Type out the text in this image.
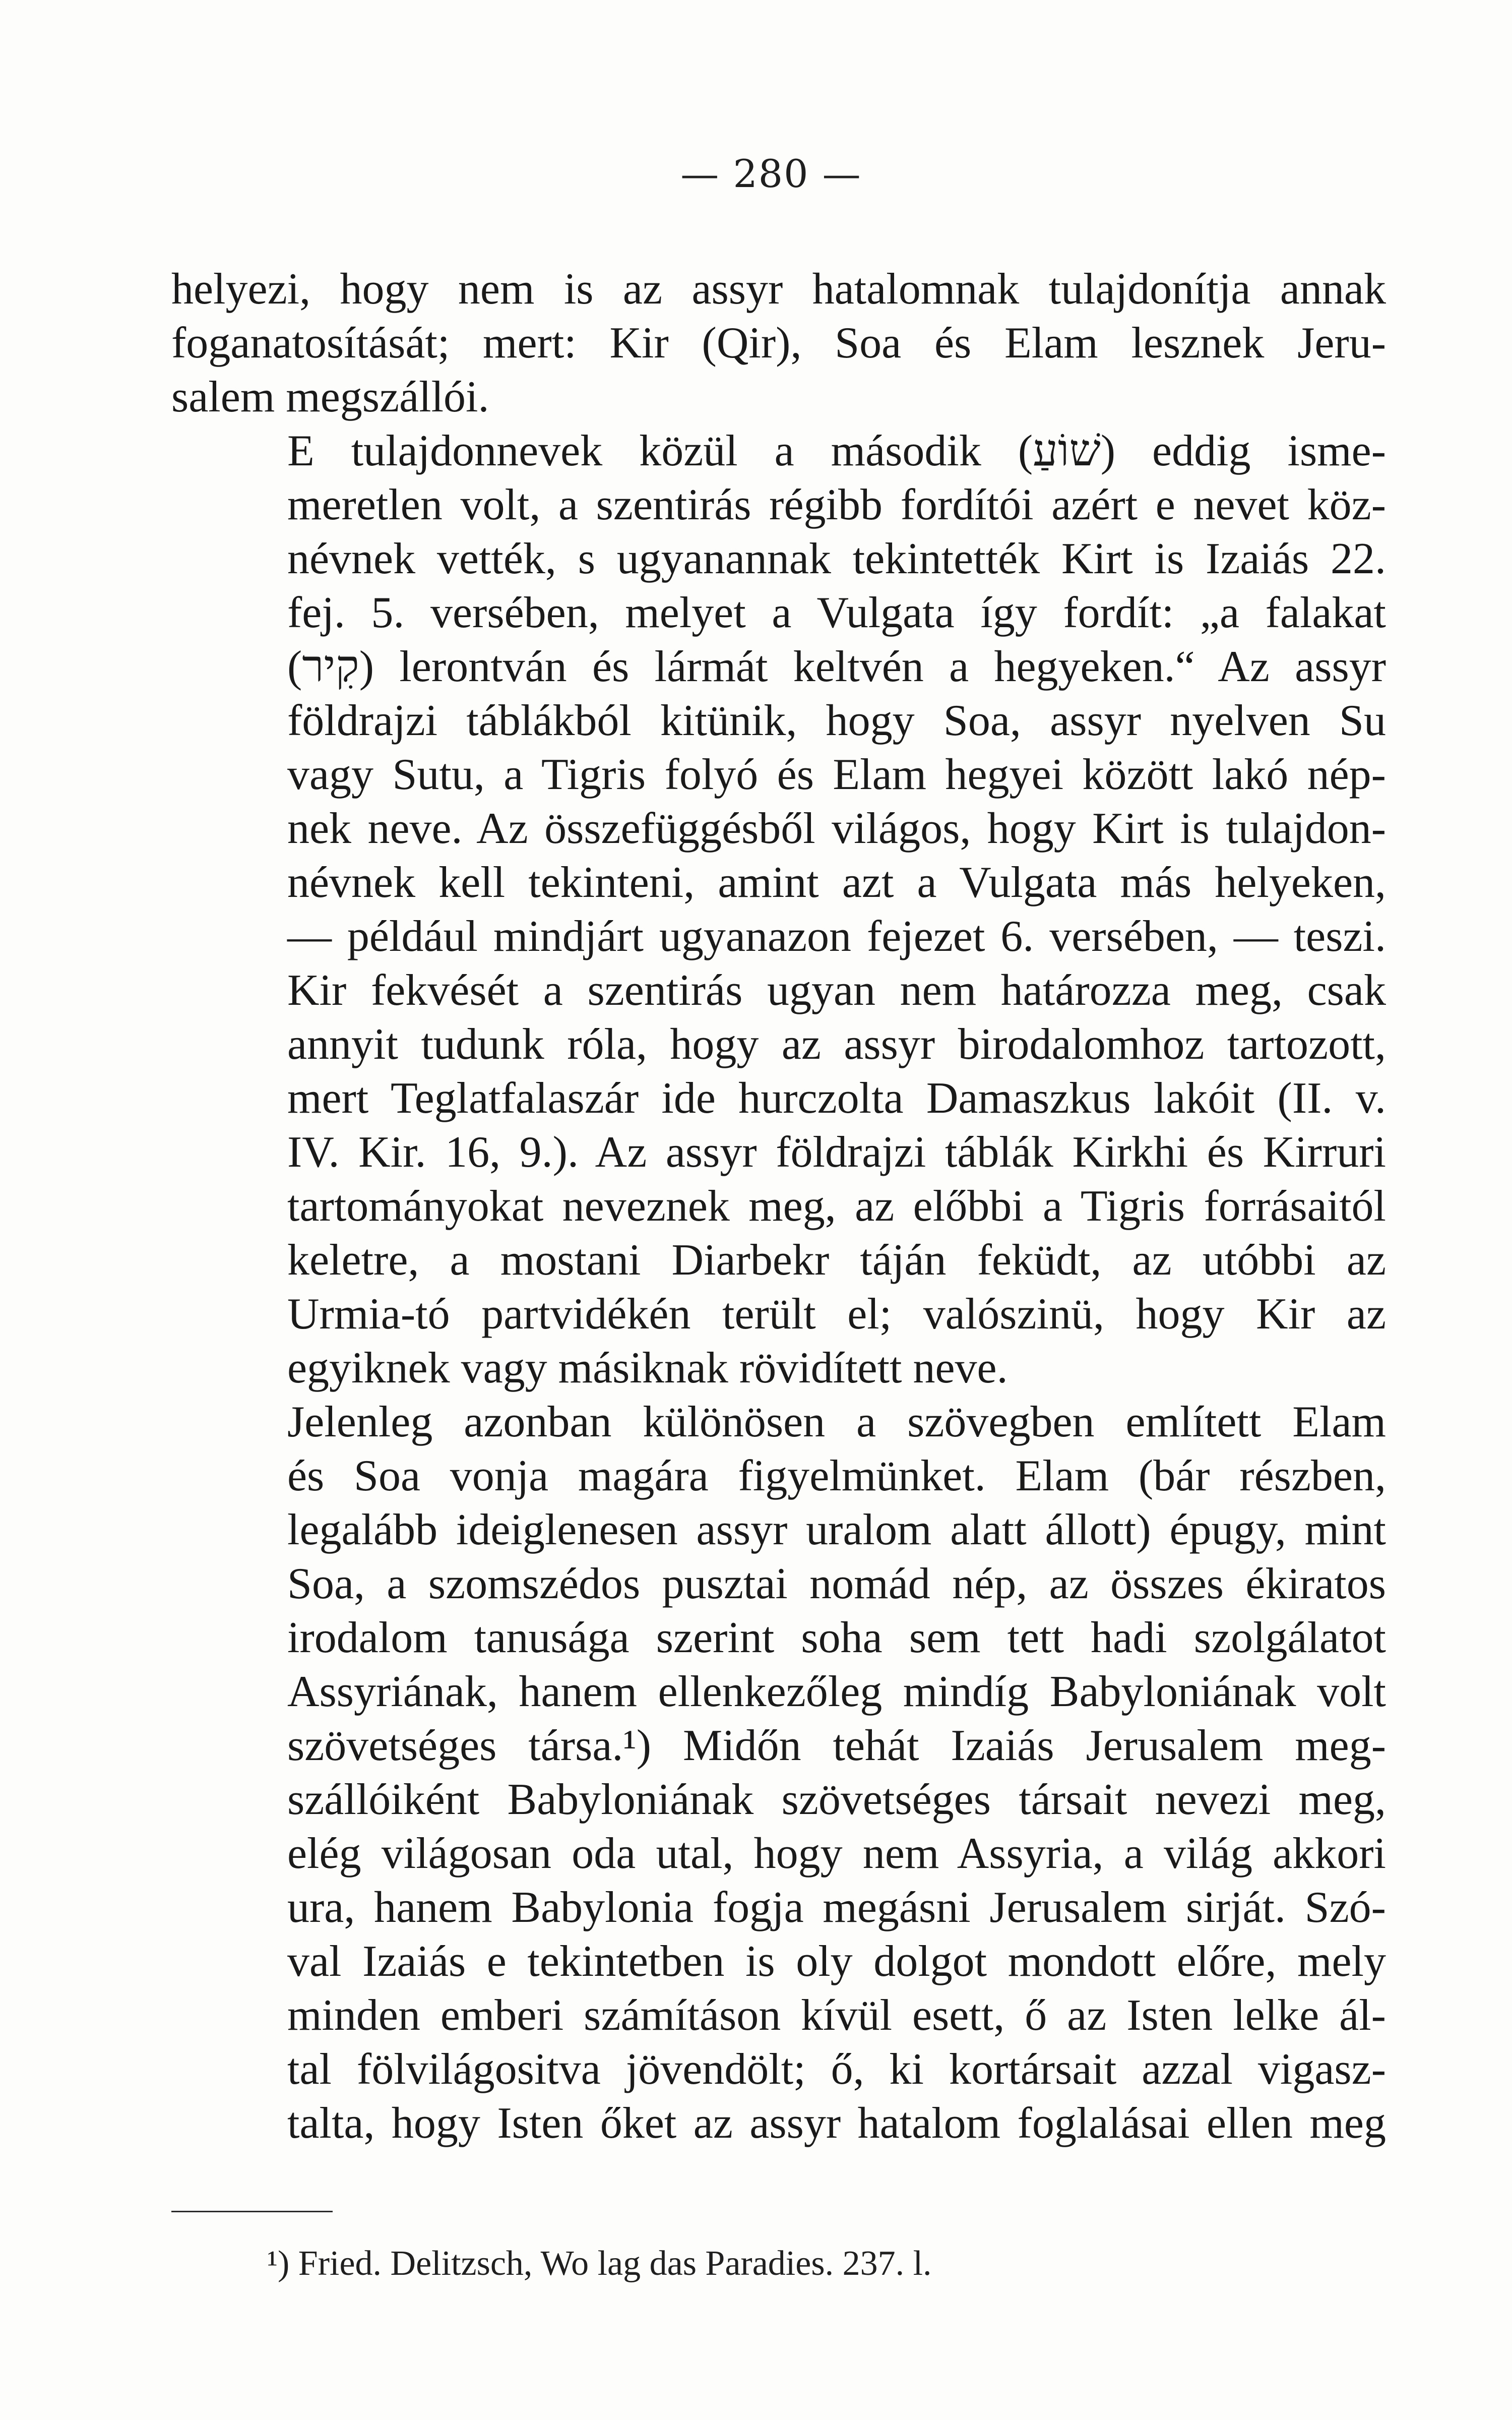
— 280 —

helyezi, hogy nem is az assyr hatalomnak tulajdonítja annak
foganatosítását; mert: Kir (Qir), Soa és Elam lesznek Jeru-
salem megszállói.

E tulajdonnevek közül a második (שׁוֹעַ) eddig isme-
meretlen volt, a szentirás régibb fordítói azért e nevet köz-
névnek vették, s ugyanannak tekintették Kirt is Izaiás 22.
fej. 5. versében, melyet a Vulgata így fordít: „a falakat
(קִיר) lerontván és lármát keltvén a hegyeken.“ Az assyr
földrajzi táblákból kitünik, hogy Soa, assyr nyelven Su
vagy Sutu, a Tigris folyó és Elam hegyei között lakó nép-
nek neve. Az összefüggésből világos, hogy Kirt is tulajdon-
névnek kell tekinteni, amint azt a Vulgata más helyeken,
— például mindjárt ugyanazon fejezet 6. versében, — teszi.
Kir fekvését a szentirás ugyan nem határozza meg, csak
annyit tudunk róla, hogy az assyr birodalomhoz tartozott,
mert Teglatfalaszár ide hurczolta Damaszkus lakóit (II. v.
IV. Kir. 16, 9.). Az assyr földrajzi táblák Kirkhi és Kirruri
tartományokat neveznek meg, az előbbi a Tigris forrásaitól
keletre, a mostani Diarbekr táján feküdt, az utóbbi az
Urmia-tó partvidékén terült el; valószinü, hogy Kir az
egyiknek vagy másiknak rövidített neve.

Jelenleg azonban különösen a szövegben említett Elam
és Soa vonja magára figyelmünket. Elam (bár részben,
legalább ideiglenesen assyr uralom alatt állott) épugy, mint
Soa, a szomszédos pusztai nomád nép, az összes ékiratos
irodalom tanusága szerint soha sem tett hadi szolgálatot
Assyriának, hanem ellenkezőleg mindíg Babyloniának volt
szövetséges társa.¹) Midőn tehát Izaiás Jerusalem meg-
szállóiként Babyloniának szövetséges társait nevezi meg,
elég világosan oda utal, hogy nem Assyria, a világ akkori
ura, hanem Babylonia fogja megásni Jerusalem sirját. Szó-
val Izaiás e tekintetben is oly dolgot mondott előre, mely
minden emberi számításon kívül esett, ő az Isten lelke ál-
tal fölvilágositva jövendölt; ő, ki kortársait azzal vigasz-
talta, hogy Isten őket az assyr hatalom foglalásai ellen meg

¹) Fried. Delitzsch, Wo lag das Paradies. 237. l.
